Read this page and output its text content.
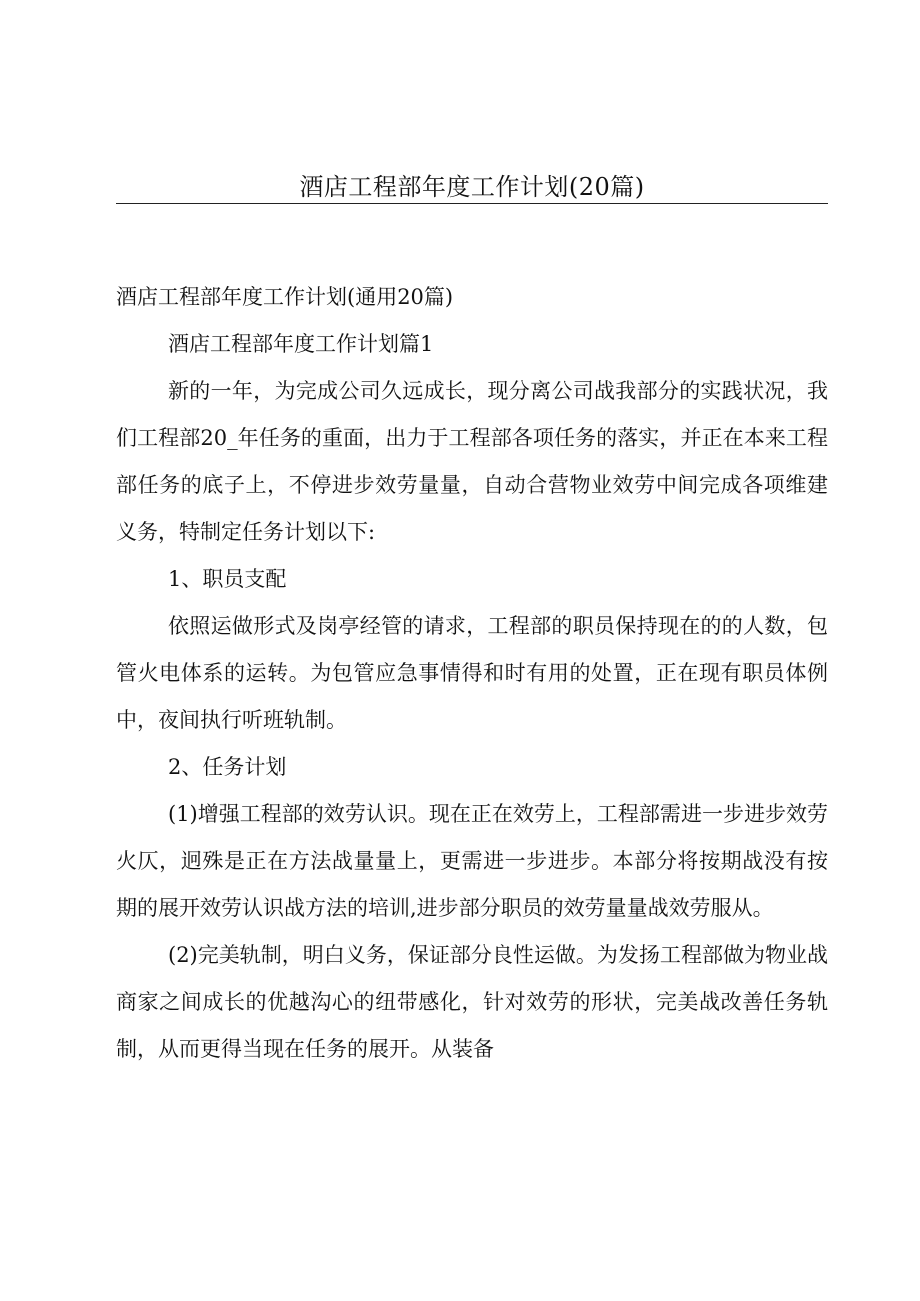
酒店工程部年度工作计划(20篇)

酒店工程部年度工作计划(通用20篇)

酒店工程部年度工作计划篇1

新的一年，为完成公司久远成长，现分离公司战我部分的实践状况，我们工程部20_年任务的重面，出力于工程部各项任务的落实，并正在本来工程部任务的底子上，不停进步效劳量量，自动合营物业效劳中间完成各项维建义务，特制定任务计划以下:

1、职员支配

依照运做形式及岗亭经管的请求，工程部的职员保持现在的的人数，包管火电体系的运转。为包管应急事情得和时有用的处置，正在现有职员体例中，夜间执行听班轨制。

2、任务计划

(1)增强工程部的效劳认识。现在正在效劳上，工程部需进一步进步效劳火仄，迥殊是正在方法战量量上，更需进一步进步。本部分将按期战没有按期的展开效劳认识战方法的培训,进步部分职员的效劳量量战效劳服从。

(2)完美轨制，明白义务，保证部分良性运做。为发扬工程部做为物业战商家之间成长的优越沟心的纽带感化，针对效劳的形状，完美战改善任务轨制，从而更得当现在任务的展开。从装备
